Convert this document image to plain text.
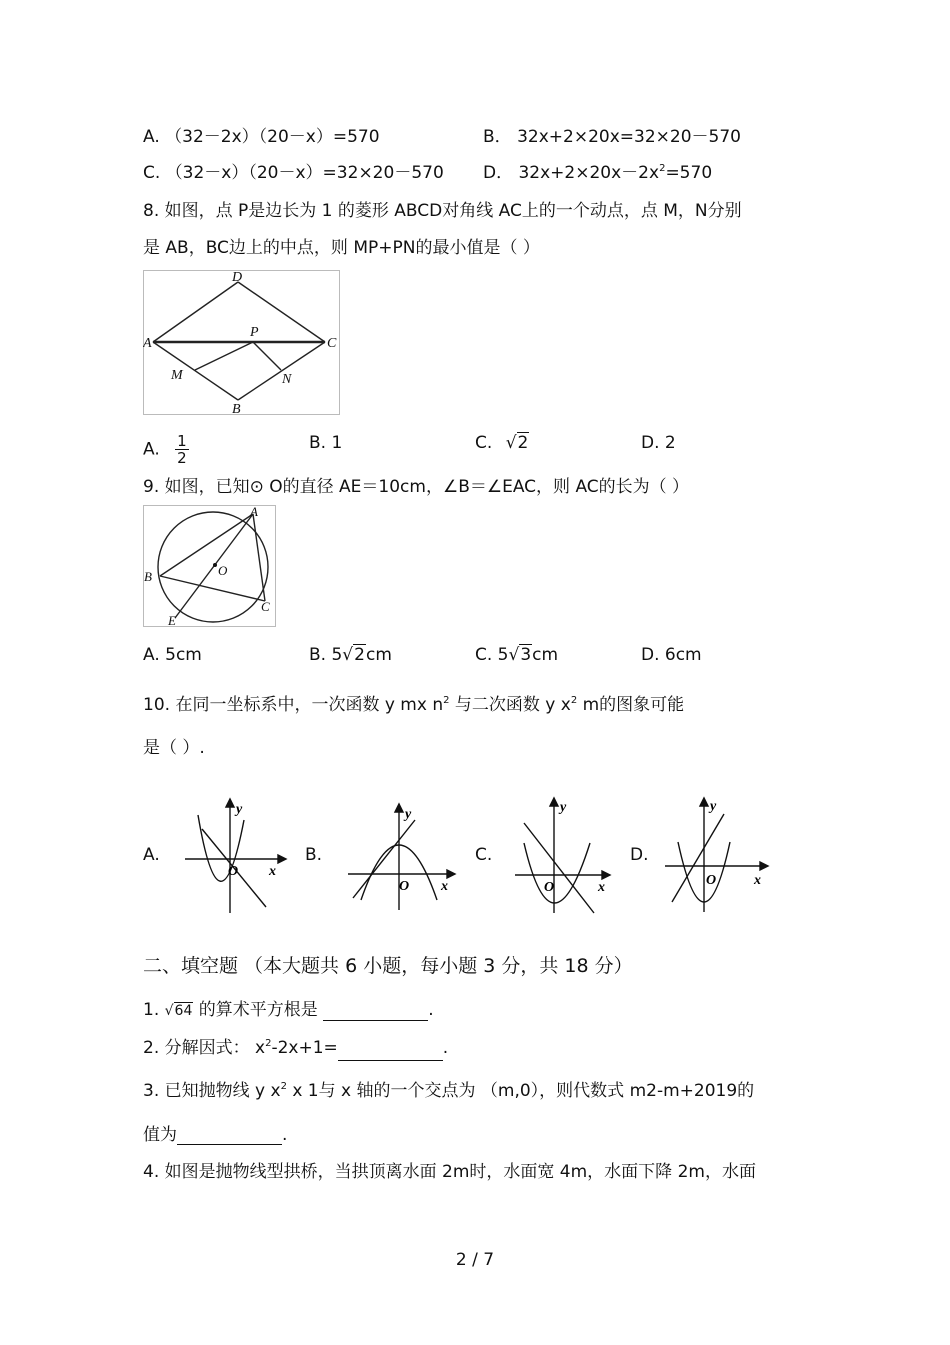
A. （32－2x）（20－x）=570	B． 32x+2×20x=32×20－570
C. （32－x）（20－x）=32×20－570 D． $32x+2\times 20x-2x^2=570$
8. 如图，点 P是边长为 1 的菱形 ABCD对角线 AC上的一个动点，点 M，N分别
是 AB，BC边上的中点，则 MP+PN的最小值是（ ）
D
A	C
P
M	N
B
A. $\frac{1}{2}$	B. 1	C. √2	D. 2
9. 如图，已知⊙ O的直径 AE＝10cm，∠B＝∠EAC，则 AC的长为（ ）
A
B	O
C
E
A. 5cm	B. 5√2cm	C. 5√3cm	D. 6cm
10. 在同一坐标系中，一次函数 y mx $n^2$ 与二次函数 y $x^2$ m的图象可能
是（ ）.
A.	B.	C.	D.
y
x
O
y
x
O
y
x
O
y
x
O
二、填空题 （本大题共 6 小题，每小题 3 分，共 18 分）
1. √64 的算术平方根是	.
2. 分解因式： $x^2-2x+1=$	.
3. 已知抛物线 y $x^2$ x 1与 x 轴的一个交点为 （m,0），则代数式 m2-m+2019的
值为	.
4. 如图是抛物线型拱桥，当拱顶离水面 2m时，水面宽 4m，水面下降 2m，水面
2 / 7
